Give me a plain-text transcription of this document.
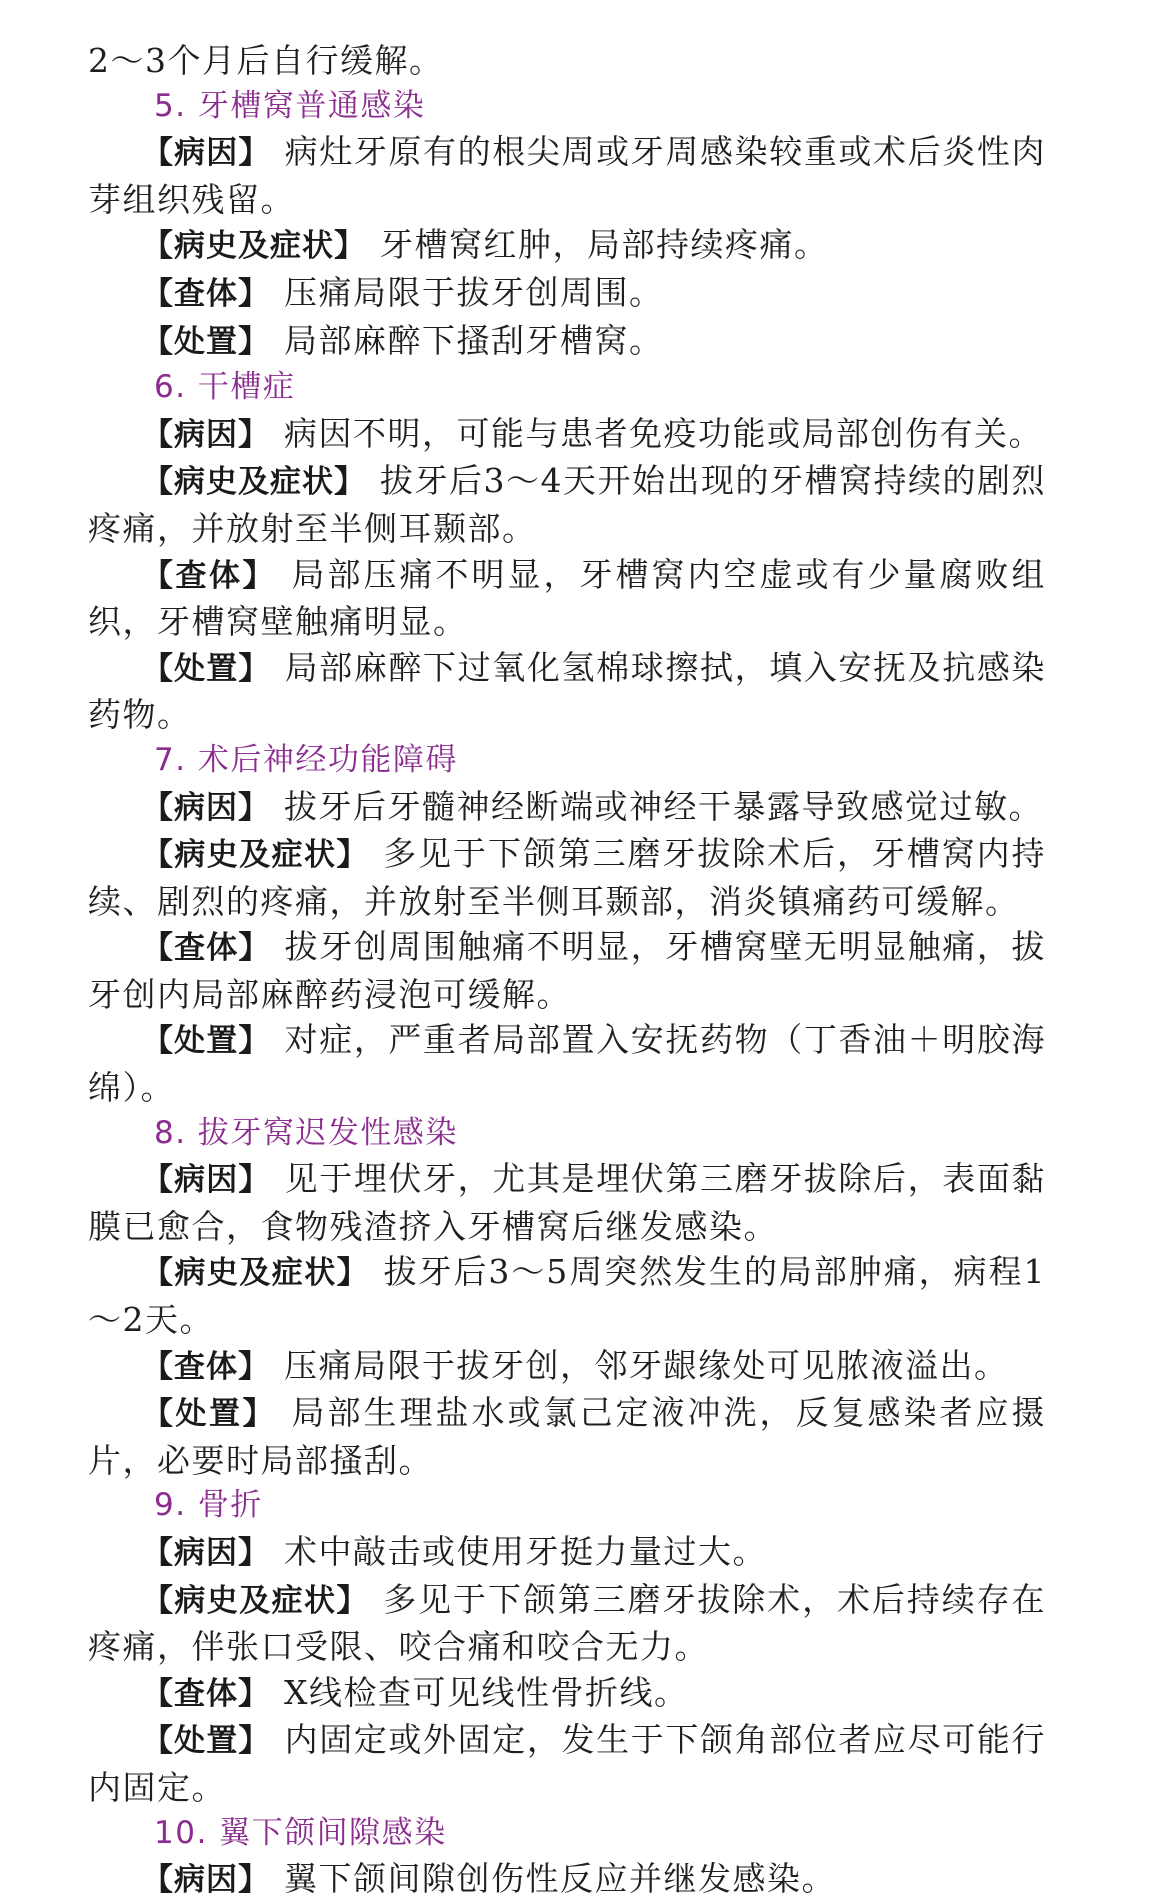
2～3个月后自行缓解。

5. 牙槽窝普通感染

【病因】 病灶牙原有的根尖周或牙周感染较重或术后炎性肉芽组织残留。

【病史及症状】 牙槽窝红肿，局部持续疼痛。

【查体】 压痛局限于拔牙创周围。

【处置】 局部麻醉下搔刮牙槽窝。

6. 干槽症

【病因】 病因不明，可能与患者免疫功能或局部创伤有关。

【病史及症状】 拔牙后3～4天开始出现的牙槽窝持续的剧烈疼痛，并放射至半侧耳颞部。

【查体】 局部压痛不明显，牙槽窝内空虚或有少量腐败组织，牙槽窝壁触痛明显。

【处置】 局部麻醉下过氧化氢棉球擦拭，填入安抚及抗感染药物。

7. 术后神经功能障碍

【病因】 拔牙后牙髓神经断端或神经干暴露导致感觉过敏。

【病史及症状】 多见于下颌第三磨牙拔除术后，牙槽窝内持续、剧烈的疼痛，并放射至半侧耳颞部，消炎镇痛药可缓解。

【查体】 拔牙创周围触痛不明显，牙槽窝壁无明显触痛，拔牙创内局部麻醉药浸泡可缓解。

【处置】 对症，严重者局部置入安抚药物（丁香油＋明胶海绵）。

8. 拔牙窝迟发性感染

【病因】 见于埋伏牙，尤其是埋伏第三磨牙拔除后，表面黏膜已愈合，食物残渣挤入牙槽窝后继发感染。

【病史及症状】 拔牙后3～5周突然发生的局部肿痛，病程1～2天。

【查体】 压痛局限于拔牙创，邻牙龈缘处可见脓液溢出。

【处置】 局部生理盐水或氯己定液冲洗，反复感染者应摄片，必要时局部搔刮。

9. 骨折

【病因】 术中敲击或使用牙挺力量过大。

【病史及症状】 多见于下颌第三磨牙拔除术，术后持续存在疼痛，伴张口受限、咬合痛和咬合无力。

【查体】 X线检查可见线性骨折线。

【处置】 内固定或外固定，发生于下颌角部位者应尽可能行内固定。

10. 翼下颌间隙感染

【病因】 翼下颌间隙创伤性反应并继发感染。
